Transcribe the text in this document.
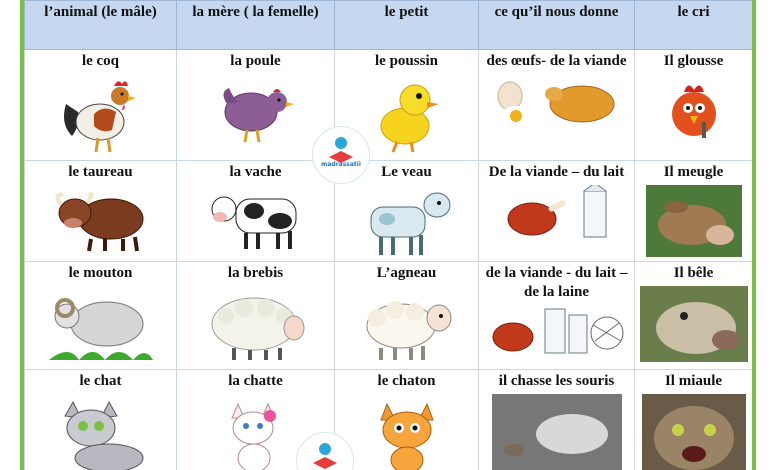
l’animal (le mâle)	la mère ( la femelle)	le petit	ce qu’il nous donne	le cri

le coq	la poule	le poussin	des œufs- de la viande	Il glousse

le taureau	la vache	Le veau	De la viande – du lait	Il meugle

le mouton	la brebis	L’agneau	de la viande - du lait – de la laine	Il bêle

le chat	la chatte	le chaton	il chasse les souris	Il miaule
madrassatii
